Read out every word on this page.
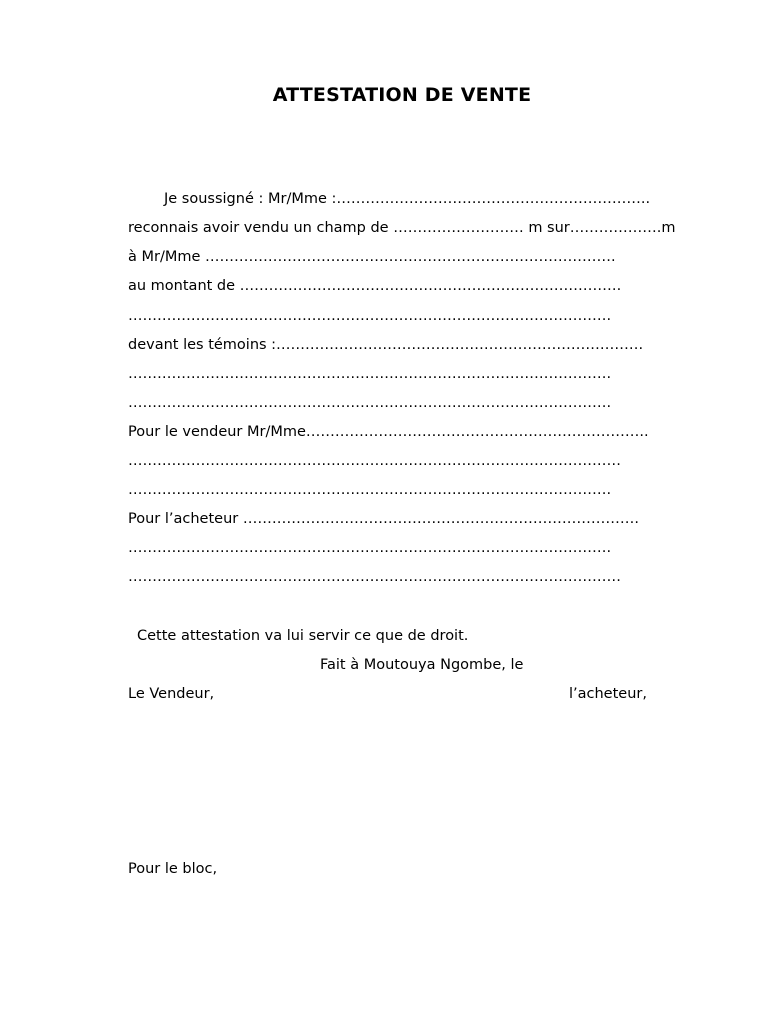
ATTESTATION DE VENTE
Je soussigné : Mr/Mme :………………………………………………………..
reconnais avoir vendu un champ de ……………………… m sur……………….m
à Mr/Mme ………………………………………………………………………….
au montant de …………………………………………………………………….
……………………………………………………………………………………….
devant les témoins :………………………………………………………………….
……………………………………………………………………………………….
……………………………………………………………………………………….
Pour le vendeur Mr/Mme……………………………………………………………..
…………………………………………………………………………………………
……………………………………………………………………………………….
Pour l’acheteur ……………………………………………………………………….
……………………………………………………………………………………….
…………………………………………………………………………………………
Cette attestation va lui servir ce que de droit.
Fait à Moutouya Ngombe, le
Le Vendeur,	l’acheteur,
Pour le bloc,
